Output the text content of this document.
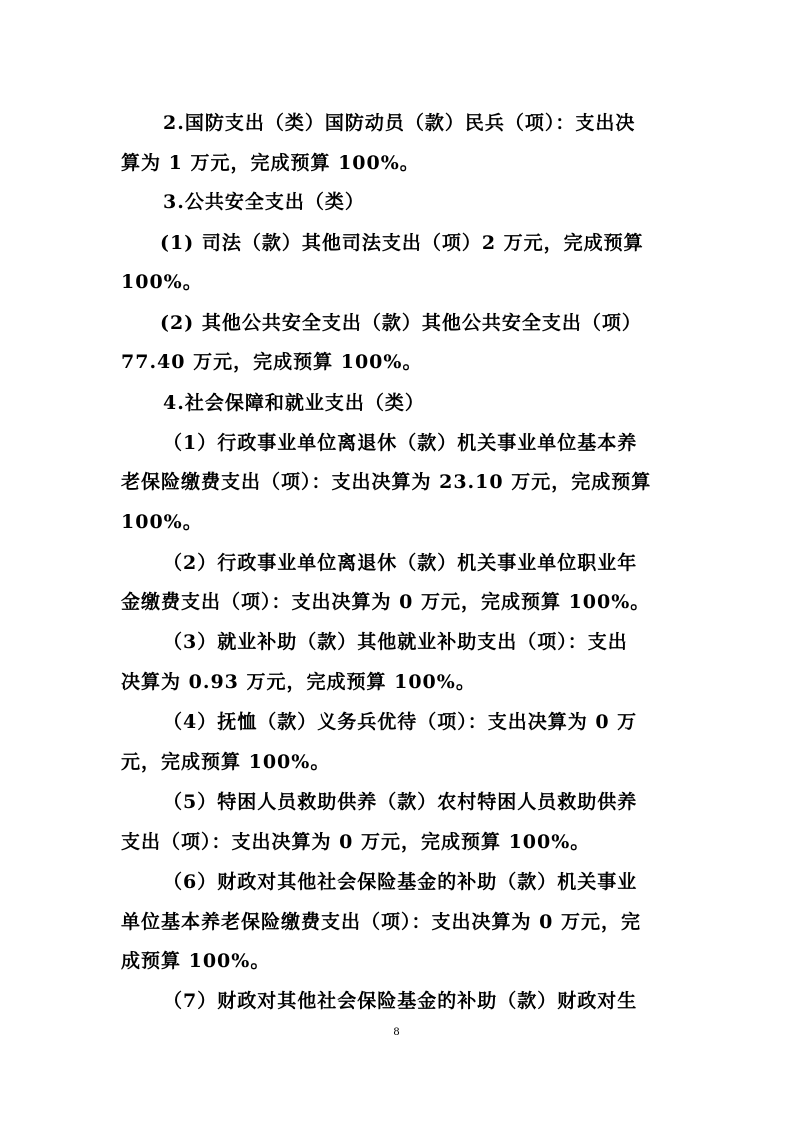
2.国防支出（类）国防动员（款）民兵（项）：支出决
算为 1 万元，完成预算 100%。
3.公共安全支出（类）
(1) 司法（款）其他司法支出（项）2 万元，完成预算
100%。
(2) 其他公共安全支出（款）其他公共安全支出（项）
77.40 万元，完成预算 100%。
4.社会保障和就业支出（类）
（1）行政事业单位离退休（款）机关事业单位基本养
老保险缴费支出（项）：支出决算为 23.10 万元，完成预算
100%。
（2）行政事业单位离退休（款）机关事业单位职业年
金缴费支出（项）：支出决算为 0 万元，完成预算 100%。
（3）就业补助（款）其他就业补助支出（项）：支出
决算为 0.93 万元，完成预算 100%。
（4）抚恤（款）义务兵优待（项）：支出决算为 0 万
元，完成预算 100%。
（5）特困人员救助供养（款）农村特困人员救助供养
支出（项）：支出决算为 0 万元，完成预算 100%。
（6）财政对其他社会保险基金的补助（款）机关事业
单位基本养老保险缴费支出（项）：支出决算为 0 万元，完
成预算 100%。
（7）财政对其他社会保险基金的补助（款）财政对生
8
